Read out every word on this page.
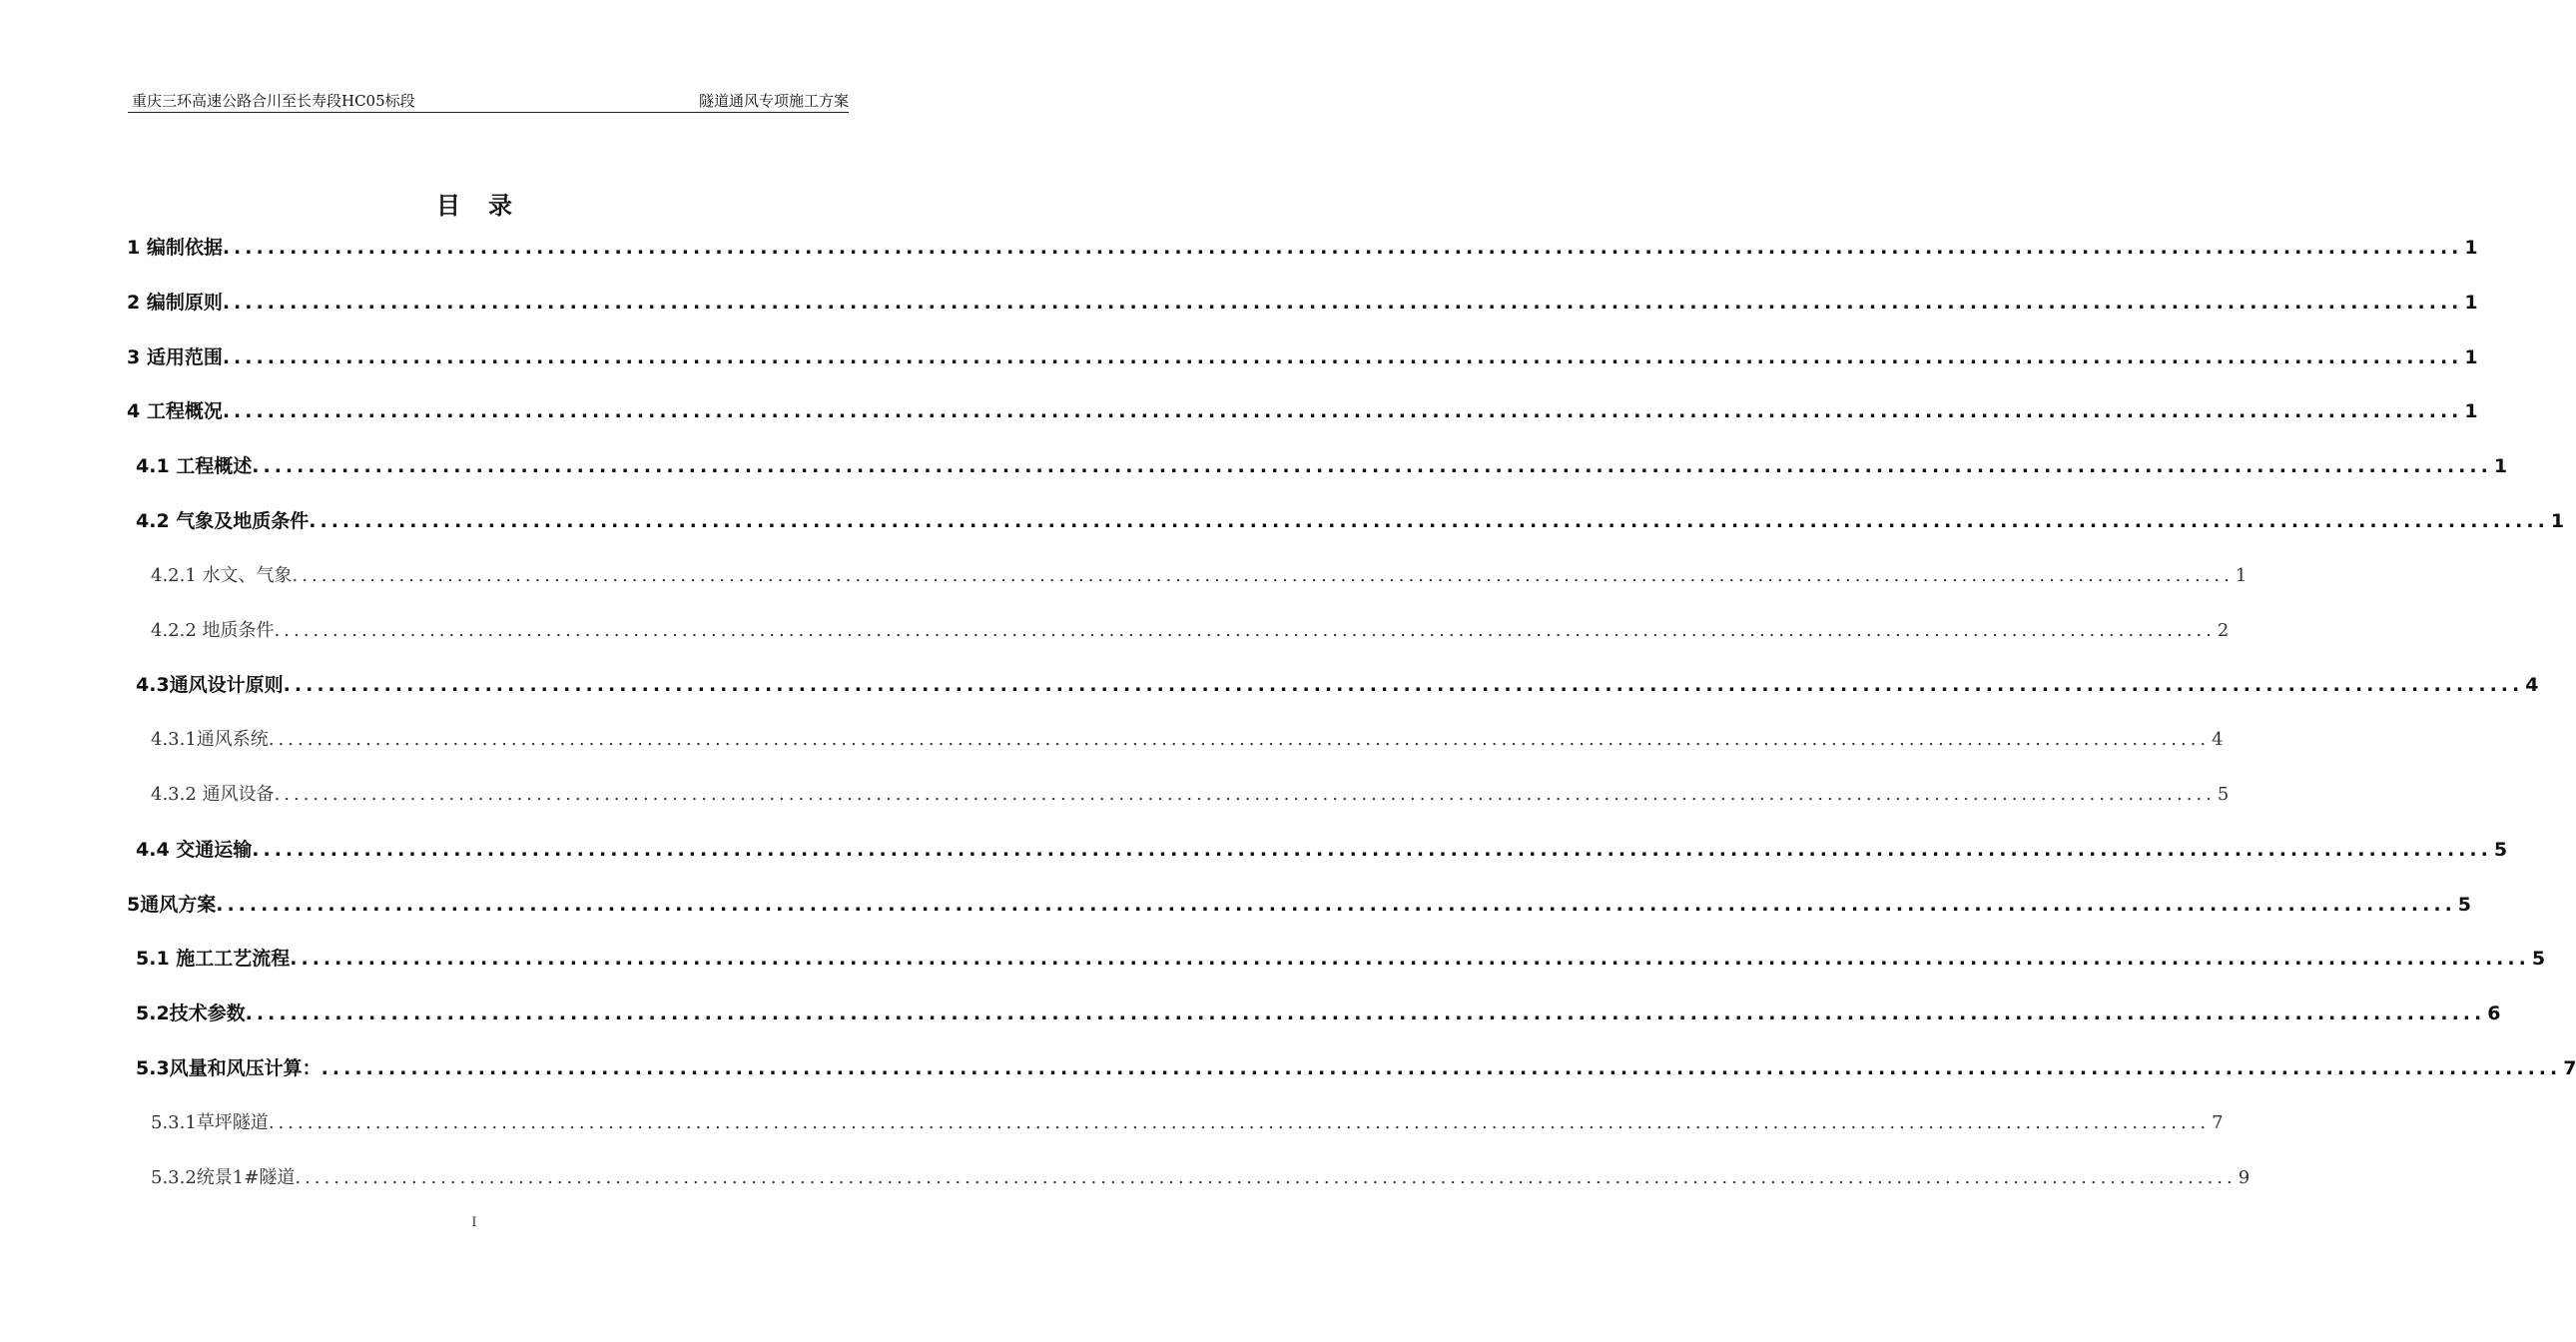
重庆三环高速公路合川至长寿段HC05标段	隧道通风专项施工方案
目录
1 编制依据 ........................................................................................................................................................................................................ 1
2 编制原则 ........................................................................................................................................................................................................ 1
3 适用范围 ........................................................................................................................................................................................................ 1
4 工程概况 ........................................................................................................................................................................................................ 1
4.1 工程概述 ........................................................................................................................................................................................................ 1
4.2 气象及地质条件 ........................................................................................................................................................................................................ 1
4.2.1 水文、气象 ........................................................................................................................................................................................................ 1
4.2.2 地质条件 ........................................................................................................................................................................................................ 2
4.3通风设计原则 ........................................................................................................................................................................................................ 4
4.3.1通风系统 ........................................................................................................................................................................................................ 4
4.3.2 通风设备 ........................................................................................................................................................................................................ 5
4.4 交通运输 ........................................................................................................................................................................................................ 5
5通风方案 ........................................................................................................................................................................................................ 5
5.1 施工工艺流程 ........................................................................................................................................................................................................ 5
5.2技术参数 ........................................................................................................................................................................................................ 6
5.3风量和风压计算： ........................................................................................................................................................................................................ 7
5.3.1草坪隧道 ........................................................................................................................................................................................................ 7
5.3.2统景1#隧道 ........................................................................................................................................................................................................ 9
I
